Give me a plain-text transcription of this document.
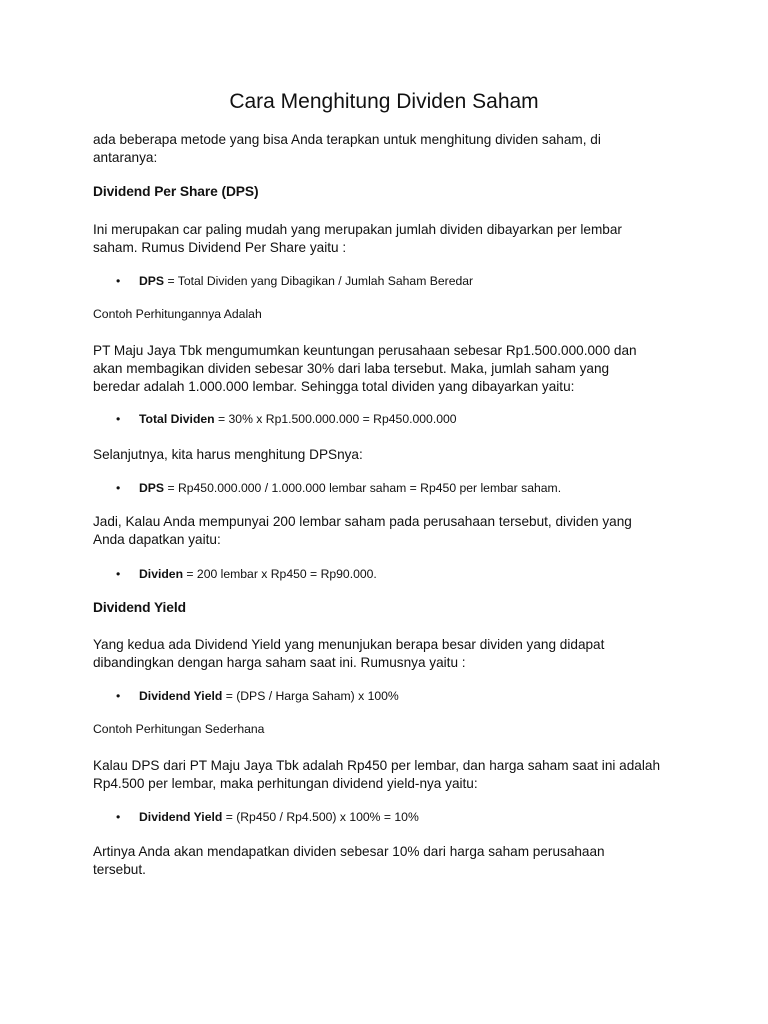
Cara Menghitung Dividen Saham

ada beberapa metode yang bisa Anda terapkan untuk menghitung dividen saham, di

antaranya:

Dividend Per Share (DPS)

Ini merupakan car paling mudah yang merupakan jumlah dividen dibayarkan per lembar

saham. Rumus Dividend Per Share yaitu :

• DPS = Total Dividen yang Dibagikan / Jumlah Saham Beredar

Contoh Perhitungannya Adalah

PT Maju Jaya Tbk mengumumkan keuntungan perusahaan sebesar Rp1.500.000.000 dan

akan membagikan dividen sebesar 30% dari laba tersebut. Maka, jumlah saham yang

beredar adalah 1.000.000 lembar. Sehingga total dividen yang dibayarkan yaitu:

• Total Dividen = 30% x Rp1.500.000.000 = Rp450.000.000

Selanjutnya, kita harus menghitung DPSnya:

• DPS = Rp450.000.000 / 1.000.000 lembar saham = Rp450 per lembar saham.

Jadi, Kalau Anda mempunyai 200 lembar saham pada perusahaan tersebut, dividen yang

Anda dapatkan yaitu:

• Dividen = 200 lembar x Rp450 = Rp90.000.
Dividend Yield

Yang kedua ada Dividend Yield yang menunjukan berapa besar dividen yang didapat

dibandingkan dengan harga saham saat ini. Rumusnya yaitu :

• Dividend Yield = (DPS / Harga Saham) x 100%

Contoh Perhitungan Sederhana

Kalau DPS dari PT Maju Jaya Tbk adalah Rp450 per lembar, dan harga saham saat ini adalah

Rp4.500 per lembar, maka perhitungan dividend yield-nya yaitu:

• Dividend Yield = (Rp450 / Rp4.500) x 100% = 10%

Artinya Anda akan mendapatkan dividen sebesar 10% dari harga saham perusahaan

tersebut.
